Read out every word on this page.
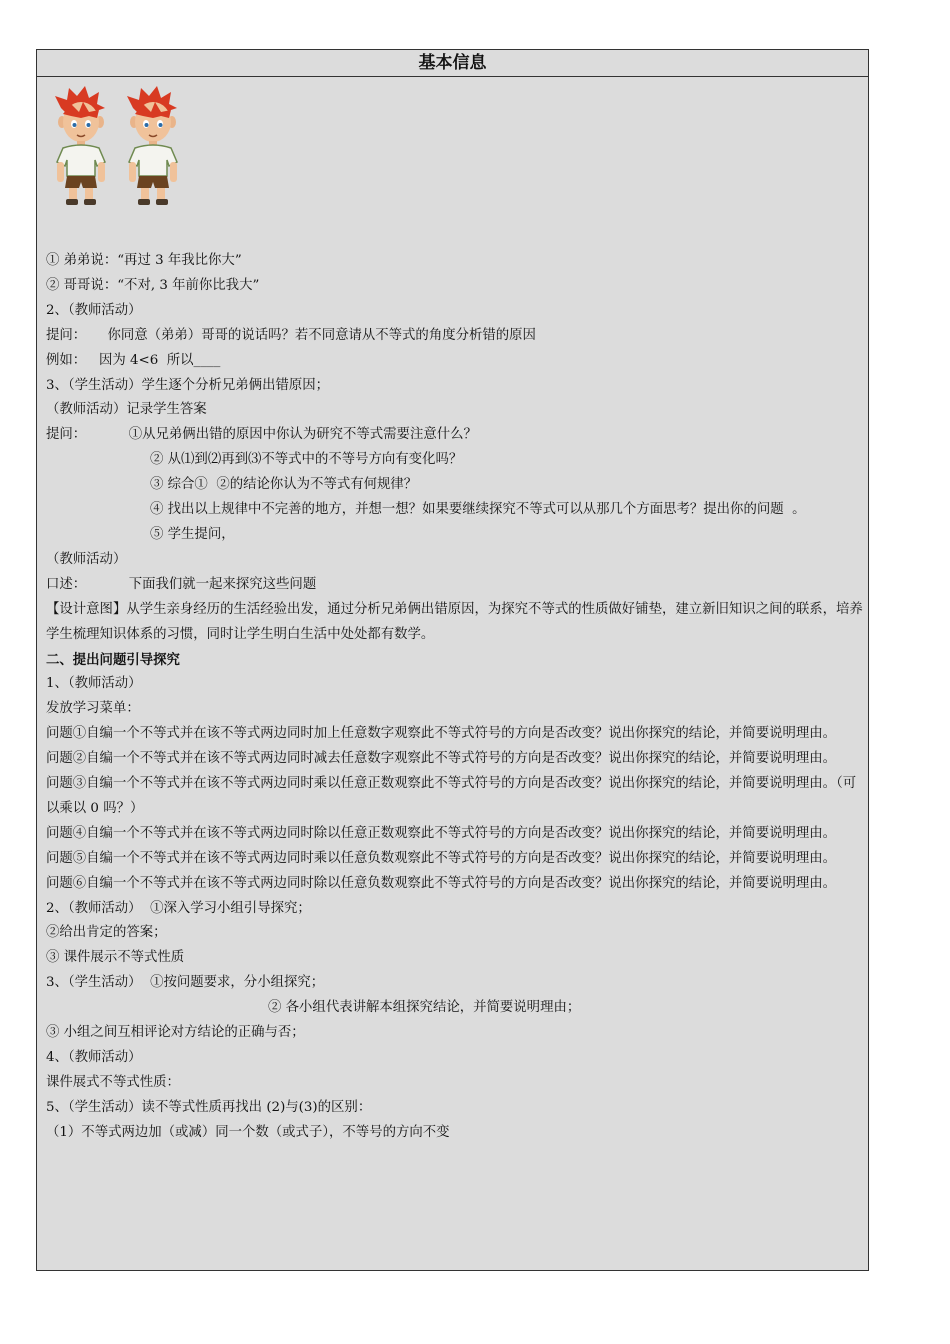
基本信息

① 弟弟说：“再过 3 年我比你大”

② 哥哥说：“不对, 3 年前你比我大”

2、（教师活动）

提问：     你同意（弟弟）哥哥的说话吗？若不同意请从不等式的角度分析错的原因

例如：   因为 4<6  所以____

3、（学生活动）学生逐个分析兄弟俩出错原因；

（教师活动）记录学生答案

提问：          ①从兄弟俩出错的原因中你认为研究不等式需要注意什么？

② 从⑴到⑵再到⑶不等式中的不等号方向有变化吗？

③ 综合①  ②的结论你认为不等式有何规律？

④ 找出以上规律中不完善的地方，并想一想？如果要继续探究不等式可以从那几个方面思考？提出你的问题  。

⑤ 学生提问，

（教师活动）

口述：          下面我们就一起来探究这些问题

【设计意图】从学生亲身经历的生活经验出发，通过分析兄弟俩出错原因，为探究不等式的性质做好铺垫，建立新旧知识之间的联系，培养学生梳理知识体系的习惯，同时让学生明白生活中处处都有数学。

二、提出问题引导探究

1、（教师活动）

发放学习菜单：

问题①自编一个不等式并在该不等式两边同时加上任意数字观察此不等式符号的方向是否改变？说出你探究的结论，并简要说明理由。

问题②自编一个不等式并在该不等式两边同时减去任意数字观察此不等式符号的方向是否改变？说出你探究的结论，并简要说明理由。

问题③自编一个不等式并在该不等式两边同时乘以任意正数观察此不等式符号的方向是否改变？说出你探究的结论，并简要说明理由。（可以乘以 0 吗？）

问题④自编一个不等式并在该不等式两边同时除以任意正数观察此不等式符号的方向是否改变？说出你探究的结论，并简要说明理由。

问题⑤自编一个不等式并在该不等式两边同时乘以任意负数观察此不等式符号的方向是否改变？说出你探究的结论，并简要说明理由。

问题⑥自编一个不等式并在该不等式两边同时除以任意负数观察此不等式符号的方向是否改变？说出你探究的结论，并简要说明理由。

2、（教师活动）  ①深入学习小组引导探究；

②给出肯定的答案；

③ 课件展示不等式性质

3、（学生活动）  ①按问题要求，分小组探究；

② 各小组代表讲解本组探究结论，并简要说明理由；

③ 小组之间互相评论对方结论的正确与否；

4、（教师活动）

课件展式不等式性质：

5、（学生活动）读不等式性质再找出 (2)与(3)的区别：

（1）不等式两边加（或减）同一个数（或式子），不等号的方向不变
